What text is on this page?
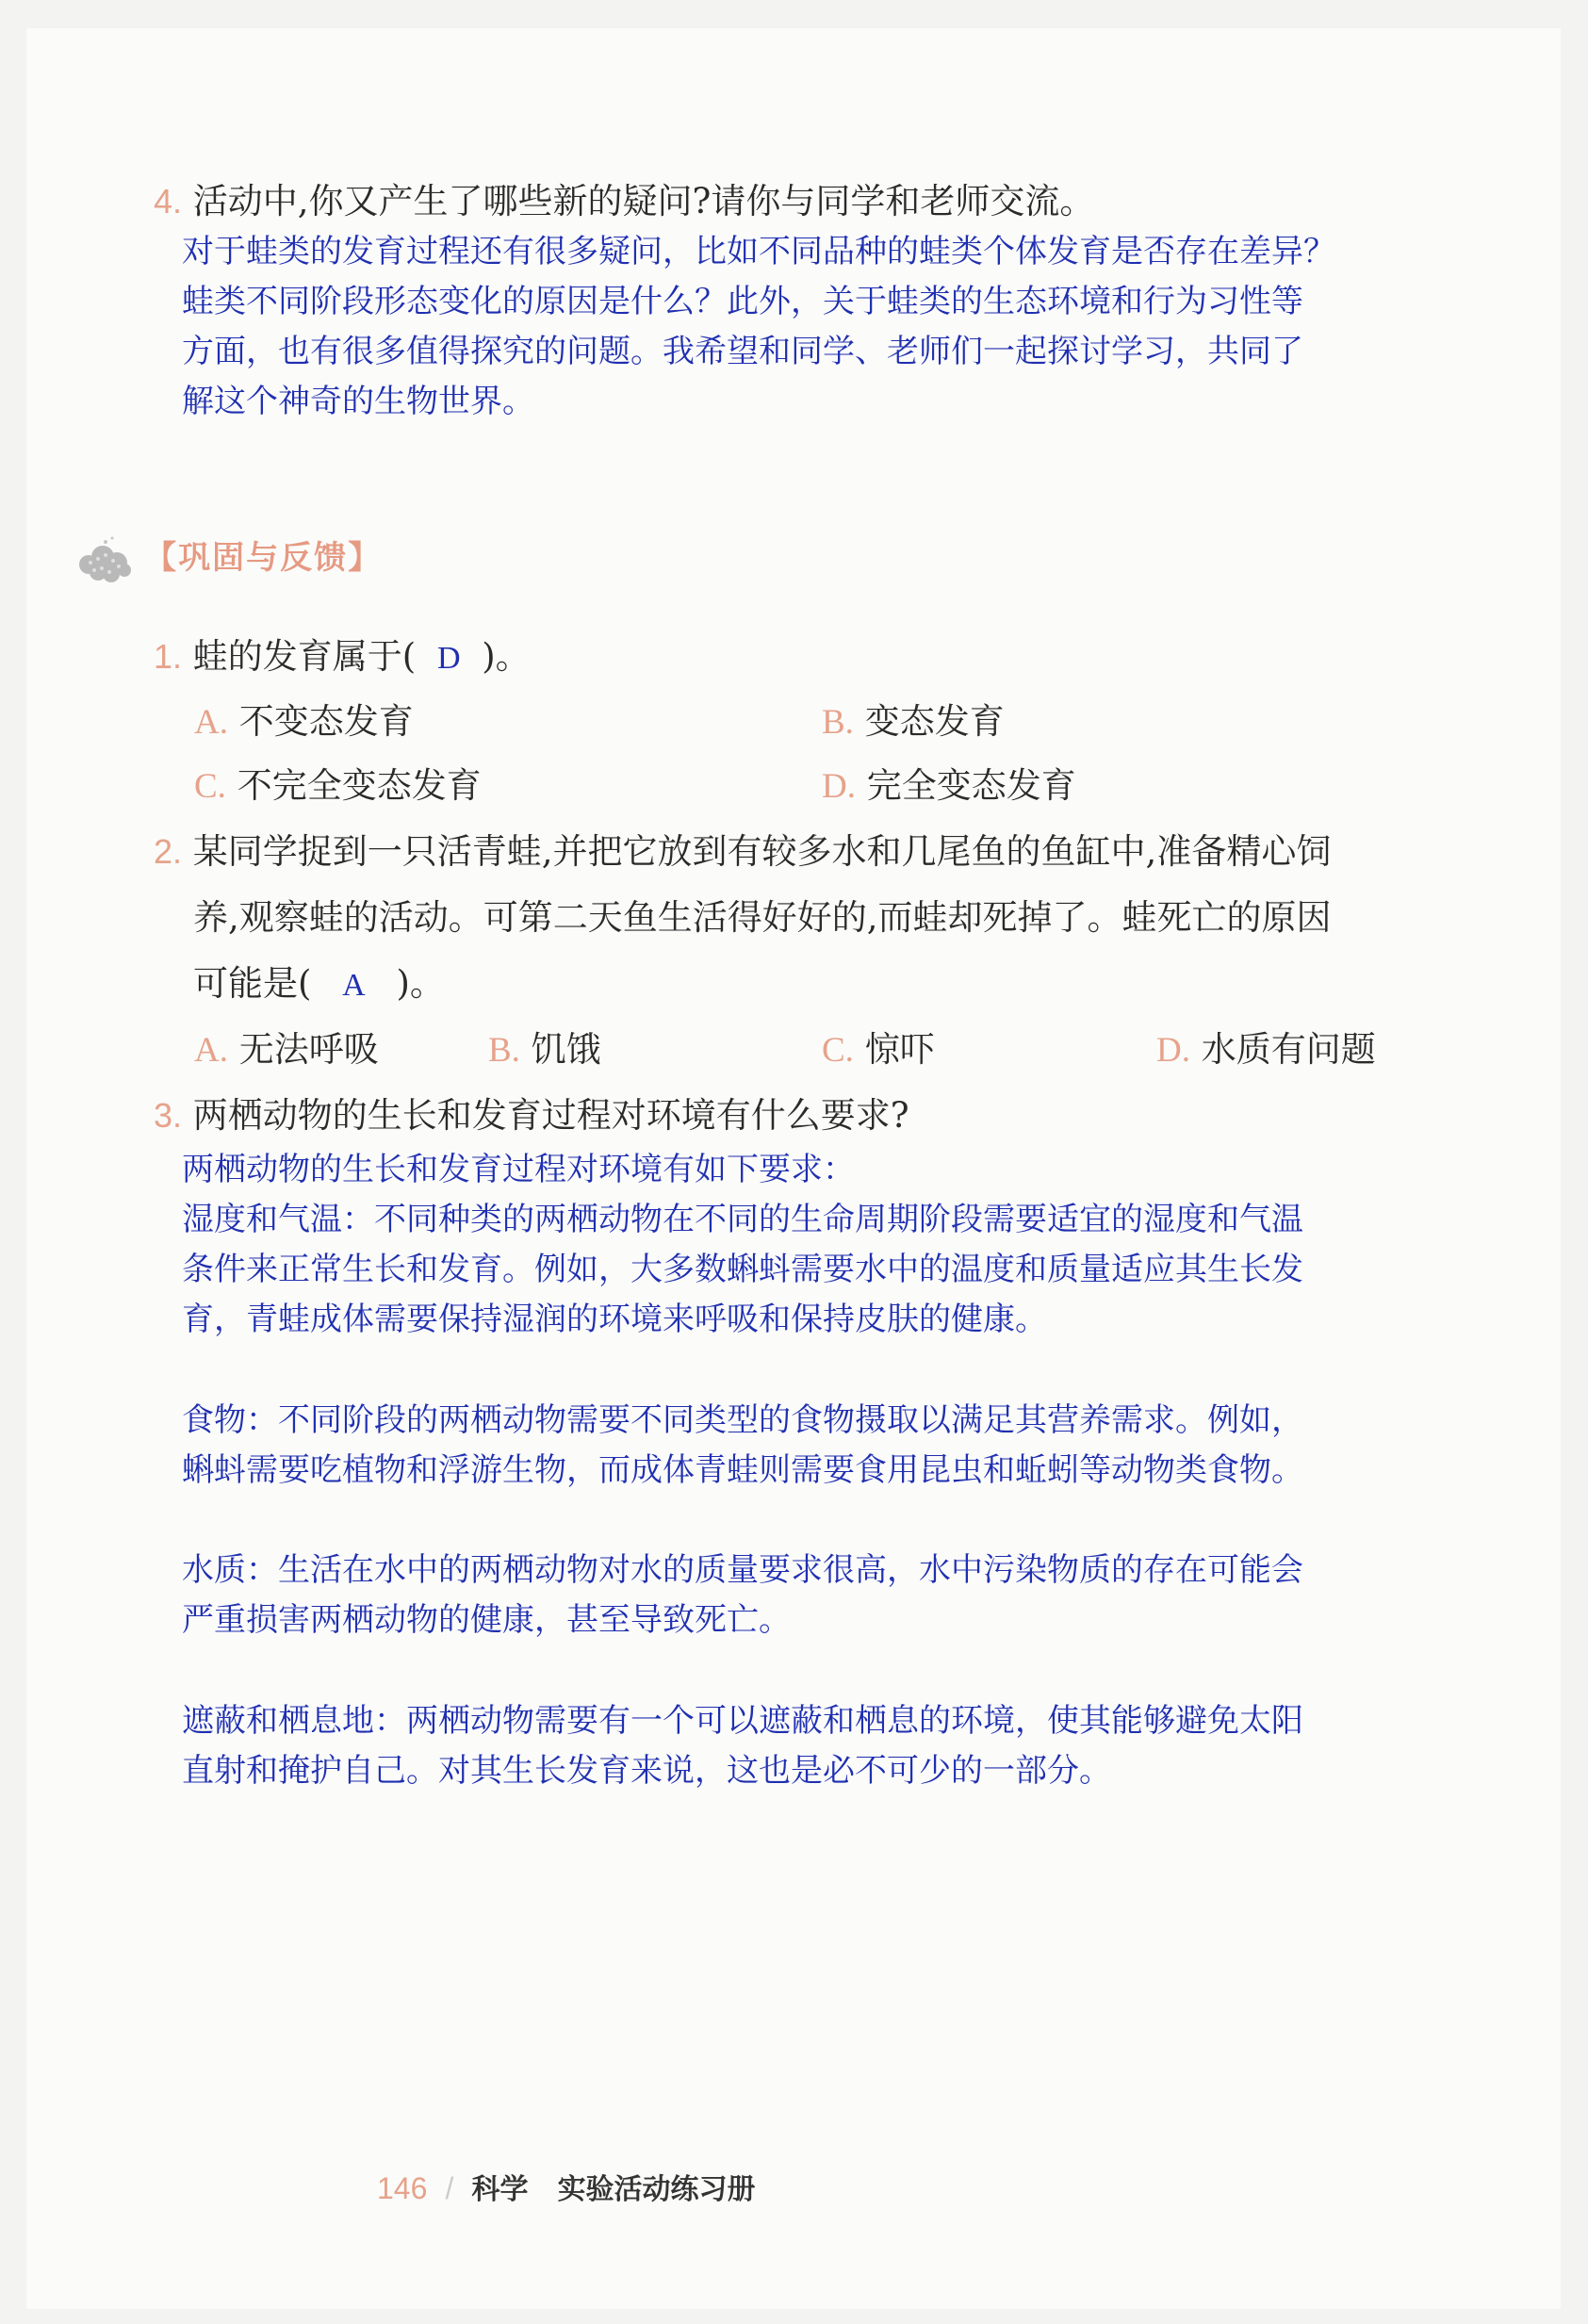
4. 活动中,你又产生了哪些新的疑问?请你与同学和老师交流。
对于蛙类的发育过程还有很多疑问，比如不同品种的蛙类个体发育是否存在差异？
蛙类不同阶段形态变化的原因是什么？此外，关于蛙类的生态环境和行为习性等
方面，也有很多值得探究的问题。我希望和同学、老师们一起探讨学习，共同了
解这个神奇的生物世界。
【巩固与反馈】
1. 蛙的发育属于( D )。
A. 不变态发育	B. 变态发育
C. 不完全变态发育	D. 完全变态发育
2. 某同学捉到一只活青蛙,并把它放到有较多水和几尾鱼的鱼缸中,准备精心饲
养,观察蛙的活动。可第二天鱼生活得好好的,而蛙却死掉了。蛙死亡的原因
可能是( A )。
A. 无法呼吸	B. 饥饿	C. 惊吓	D. 水质有问题
3. 两栖动物的生长和发育过程对环境有什么要求?
两栖动物的生长和发育过程对环境有如下要求：
湿度和气温：不同种类的两栖动物在不同的生命周期阶段需要适宜的湿度和气温
条件来正常生长和发育。例如，大多数蝌蚪需要水中的温度和质量适应其生长发
育，青蛙成体需要保持湿润的环境来呼吸和保持皮肤的健康。
食物：不同阶段的两栖动物需要不同类型的食物摄取以满足其营养需求。例如，
蝌蚪需要吃植物和浮游生物，而成体青蛙则需要食用昆虫和蚯蚓等动物类食物。
水质：生活在水中的两栖动物对水的质量要求很高，水中污染物质的存在可能会
严重损害两栖动物的健康，甚至导致死亡。
遮蔽和栖息地：两栖动物需要有一个可以遮蔽和栖息的环境，使其能够避免太阳
直射和掩护自己。对其生长发育来说，这也是必不可少的一部分。
146 / 科学 实验活动练习册
